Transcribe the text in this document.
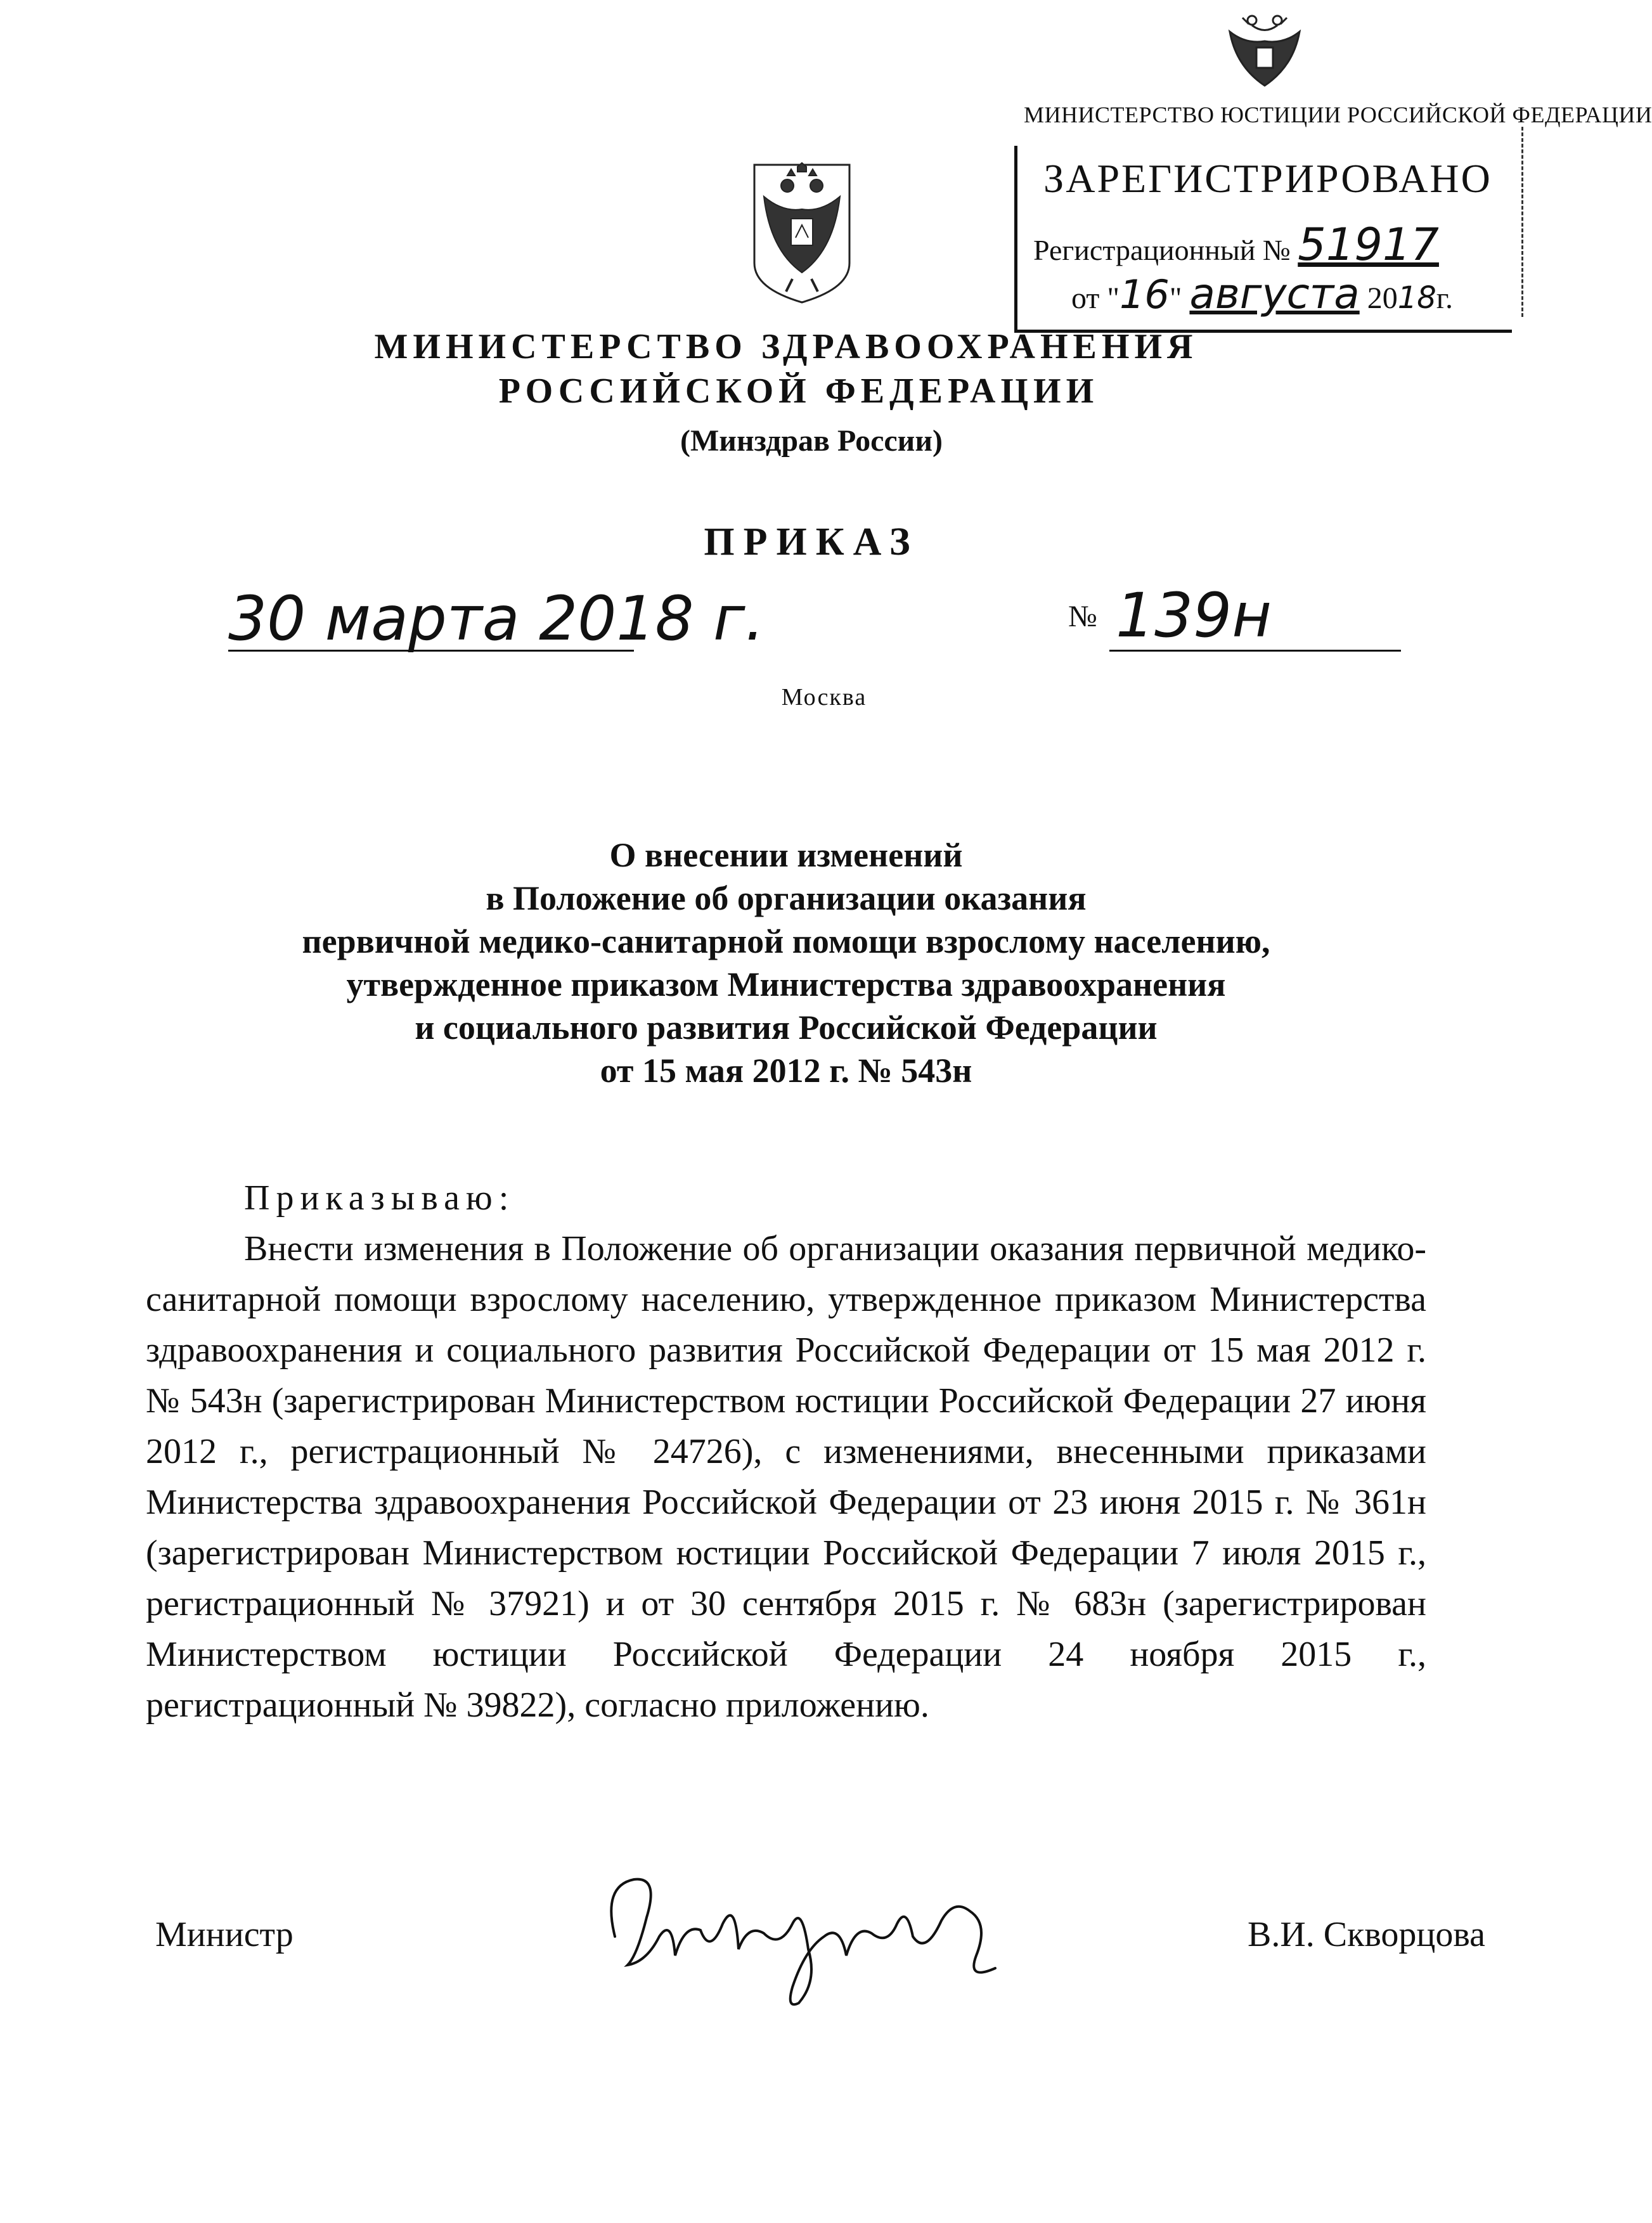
МИНИСТЕРСТВО ЮСТИЦИИ РОССИЙСКОЙ ФЕДЕРАЦИИ
ЗАРЕГИСТРИРОВАНО
Регистрационный № 51917
от "16" августа 2018г.
МИНИСТЕРСТВО ЗДРАВООХРАНЕНИЯ
РОССИЙСКОЙ ФЕДЕРАЦИИ
(Минздрав России)
ПРИКАЗ
30 марта 2018 г.	№ 139н
Москва
О внесении изменений
в Положение об организации оказания
первичной медико-санитарной помощи взрослому населению,
утвержденное приказом Министерства здравоохранения
и социального развития Российской Федерации
от 15 мая 2012 г. № 543н
Приказываю:
Внести изменения в Положение об организации оказания первичной медико-санитарной помощи взрослому населению, утвержденное приказом Министерства здравоохранения и социального развития Российской Федерации от 15 мая 2012 г. № 543н (зарегистрирован Министерством юстиции Российской Федерации 27 июня 2012 г., регистрационный № 24726), с изменениями, внесенными приказами Министерства здравоохранения Российской Федерации от 23 июня 2015 г. № 361н (зарегистрирован Министерством юстиции Российской Федерации 7 июля 2015 г., регистрационный № 37921) и от 30 сентября 2015 г. № 683н (зарегистрирован Министерством юстиции Российской Федерации 24 ноября 2015 г., регистрационный № 39822), согласно приложению.
Министр	В.И. Скворцова
